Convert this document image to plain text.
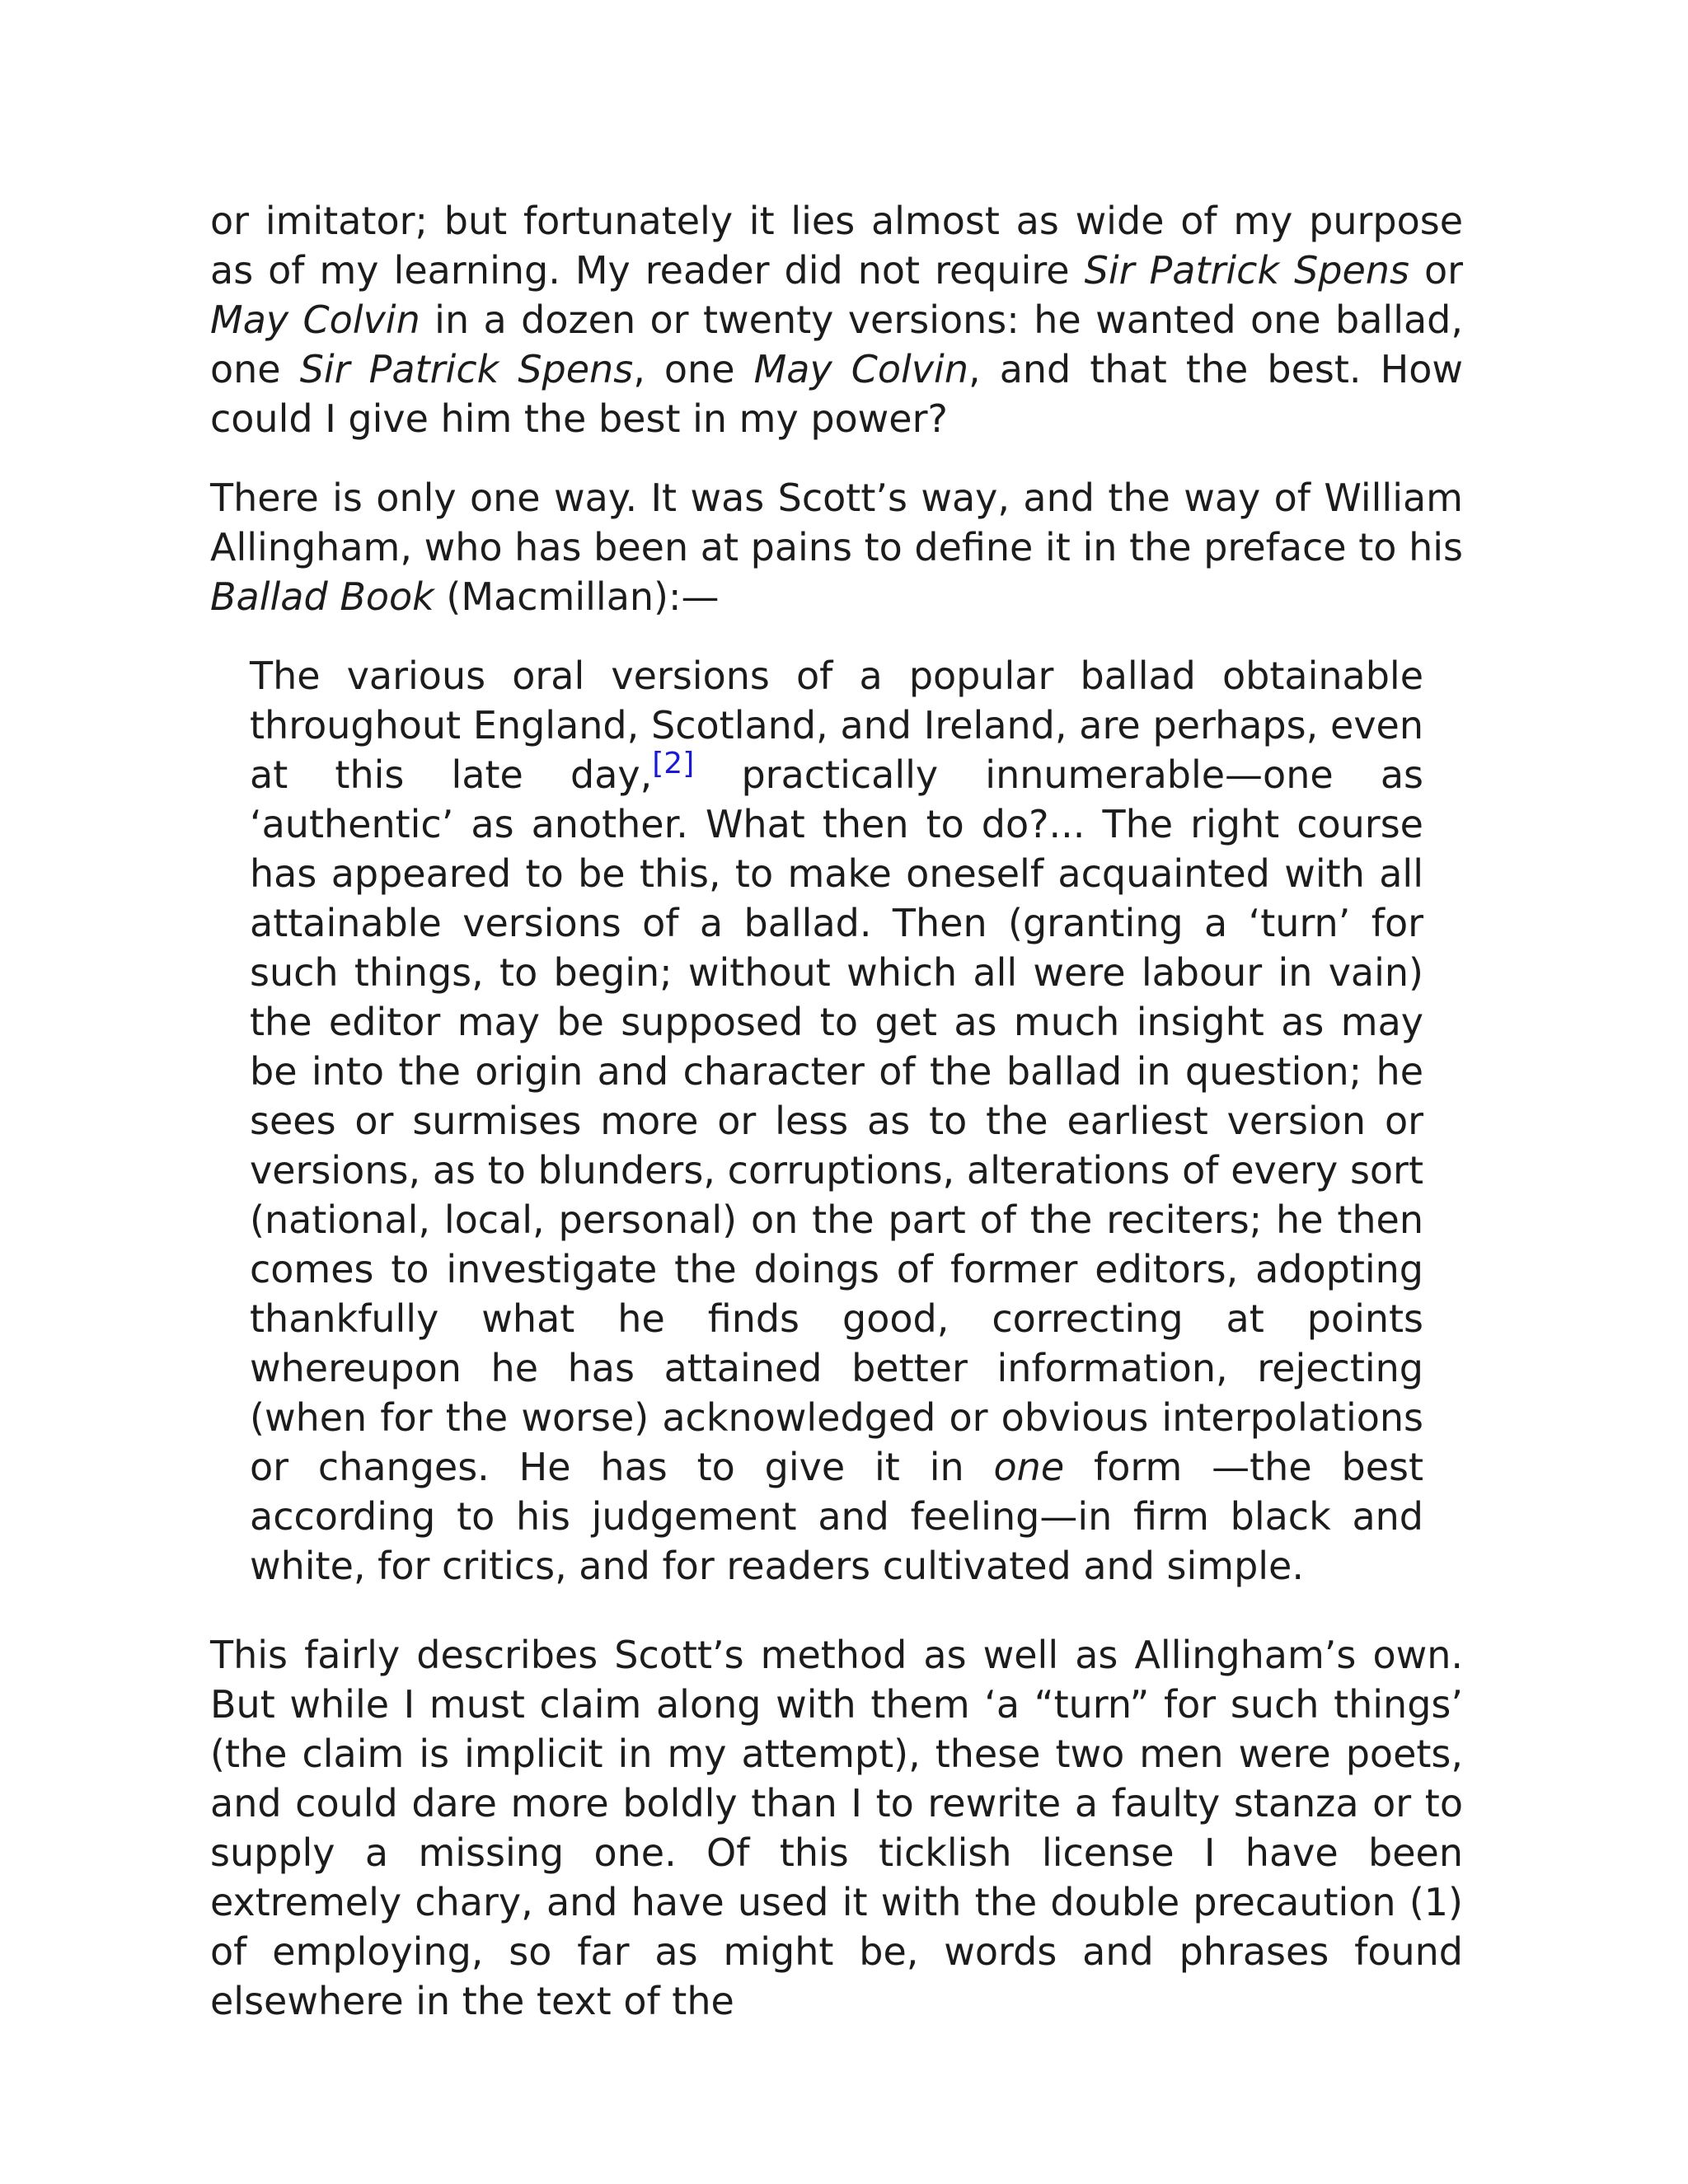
or imitator; but fortunately it lies almost as wide of my purpose as of my learning. My reader did not require Sir Patrick Spens or May Colvin in a dozen or twenty versions: he wanted one ballad, one Sir Patrick Spens, one May Colvin, and that the best. How could I give him the best in my power?

There is only one way. It was Scott’s way, and the way of William Allingham, who has been at pains to define it in the preface to his Ballad Book (Macmillan):—

The various oral versions of a popular ballad obtainable throughout England, Scotland, and Ireland, are perhaps, even at this late day,[2] practically innumerable—one as ‘authentic’ as another. What then to do?... The right course has appeared to be this, to make oneself acquainted with all attainable versions of a ballad. Then (granting a ‘turn’ for such things, to begin; without which all were labour in vain) the editor may be supposed to get as much insight as may be into the origin and character of the ballad in question; he sees or surmises more or less as to the earliest version or versions, as to blunders, corruptions, alterations of every sort (national, local, personal) on the part of the reciters; he then comes to investigate the doings of former editors, adopting thankfully what he finds good, correcting at points whereupon he has attained better information, rejecting (when for the worse) acknowledged or obvious interpolations or changes. He has to give it in one form —the best according to his judgement and feeling—in firm black and white, for critics, and for readers cultivated and simple.

This fairly describes Scott’s method as well as Allingham’s own. But while I must claim along with them ‘a “turn” for such things’ (the claim is implicit in my attempt), these two men were poets, and could dare more boldly than I to rewrite a faulty stanza or to supply a missing one. Of this ticklish license I have been extremely chary, and have used it with the double precaution (1) of employing, so far as might be, words and phrases found elsewhere in the text of the
